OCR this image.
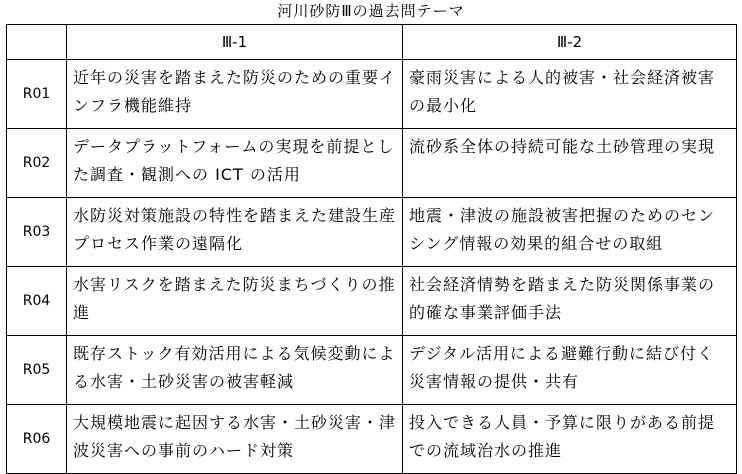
河川砂防Ⅲの過去問テーマ
	Ⅲ-1	Ⅲ-2
R01	近年の災害を踏まえた防災のための重要インフラ機能維持	豪雨災害による人的被害・社会経済被害の最小化
R02	データプラットフォームの実現を前提とした調査・観測への ICT の活用	流砂系全体の持続可能な土砂管理の実現
R03	水防災対策施設の特性を踏まえた建設生産プロセス作業の遠隔化	地震・津波の施設被害把握のためのセンシング情報の効果的組合せの取組
R04	水害リスクを踏まえた防災まちづくりの推進	社会経済情勢を踏まえた防災関係事業の的確な事業評価手法
R05	既存ストック有効活用による気候変動による水害・土砂災害の被害軽減	デジタル活用による避難行動に結び付く災害情報の提供・共有
R06	大規模地震に起因する水害・土砂災害・津波災害への事前のハード対策	投入できる人員・予算に限りがある前提での流域治水の推進
